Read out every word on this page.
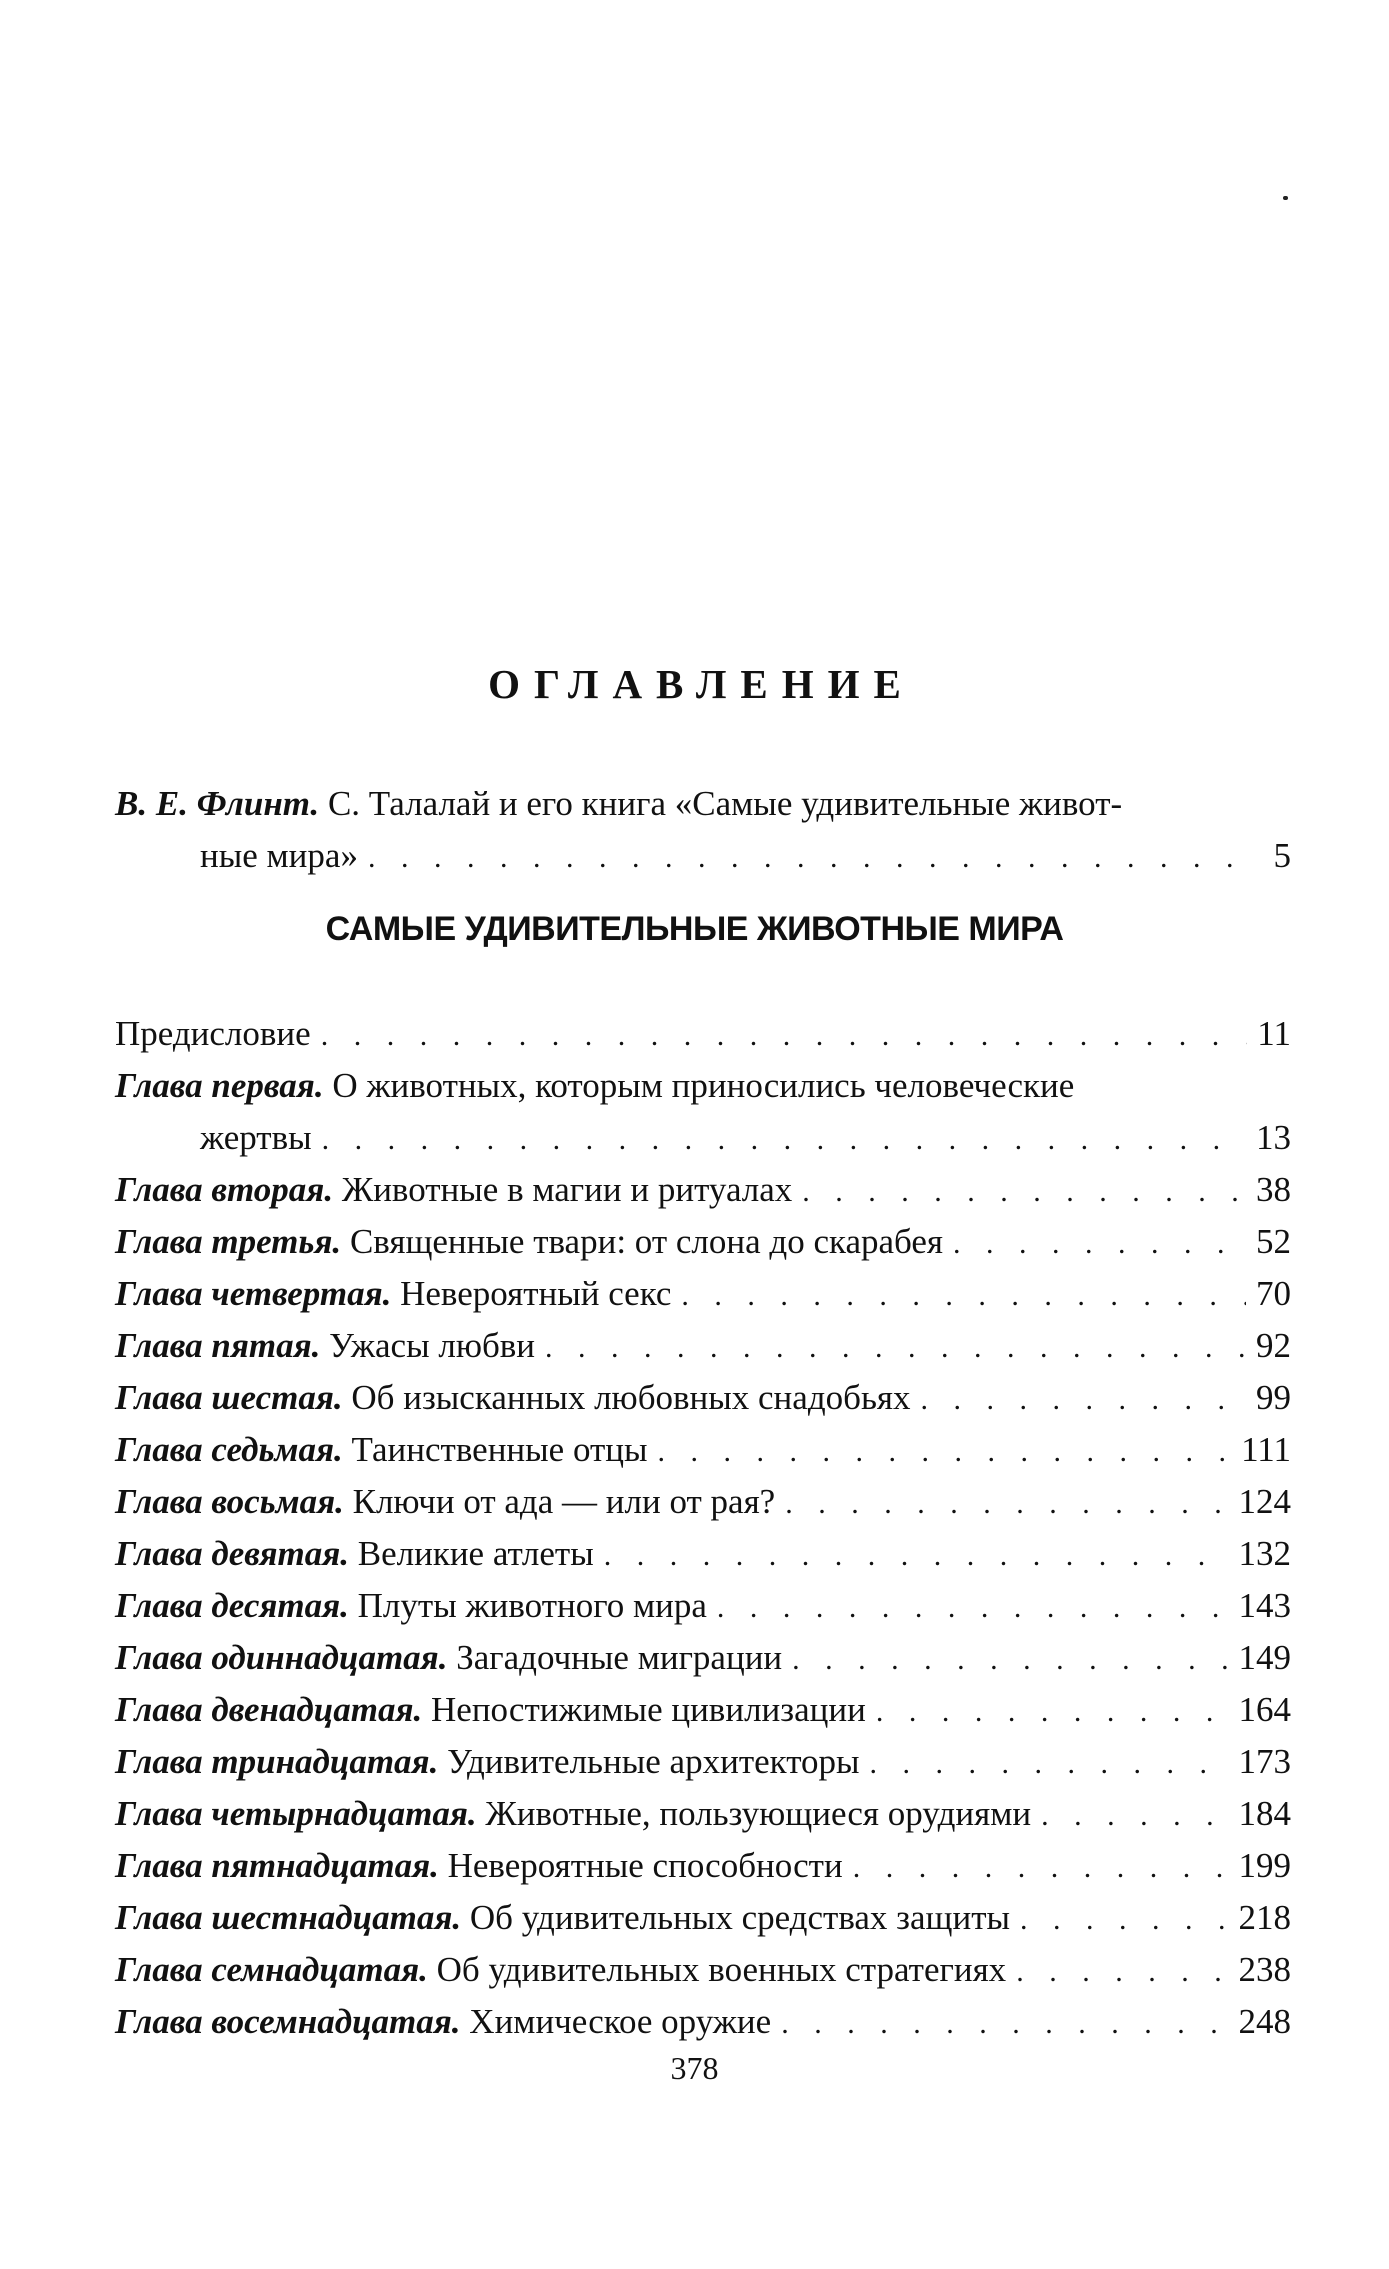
ОГЛАВЛЕНИЕ
В. Е. Флинт. С. Талалай и его книга «Самые удивительные живот-
ные мира» . . .	5
Предисловие . . .	11
Глава первая. О животных, которым приносились человеческие
жертвы . . .	13
Глава вторая. Животные в магии и ритуалах . . .	38
Глава третья. Священные твари: от слона до скарабея . . .	52
Глава четвертая. Невероятный секс . . .	70
Глава пятая. Ужасы любви . . .	92
Глава шестая. Об изысканных любовных снадобьях . . .	99
Глава седьмая. Таинственные отцы . . .	111
Глава восьмая. Ключи от ада — или от рая? . . .	124
Глава девятая. Великие атлеты . . .	132
Глава десятая. Плуты животного мира . . .	143
Глава одиннадцатая. Загадочные миграции . . .	149
Глава двенадцатая. Непостижимые цивилизации . . .	164
Глава тринадцатая. Удивительные архитекторы . . .	173
Глава четырнадцатая. Животные, пользующиеся орудиями . . .	184
Глава пятнадцатая. Невероятные способности . . .	199
Глава шестнадцатая. Об удивительных средствах защиты . . .	218
Глава семнадцатая. Об удивительных военных стратегиях . . .	238
Глава восемнадцатая. Химическое оружие . . .	248
САМЫЕ УДИВИТЕЛЬНЫЕ ЖИВОТНЫЕ МИРА
378
